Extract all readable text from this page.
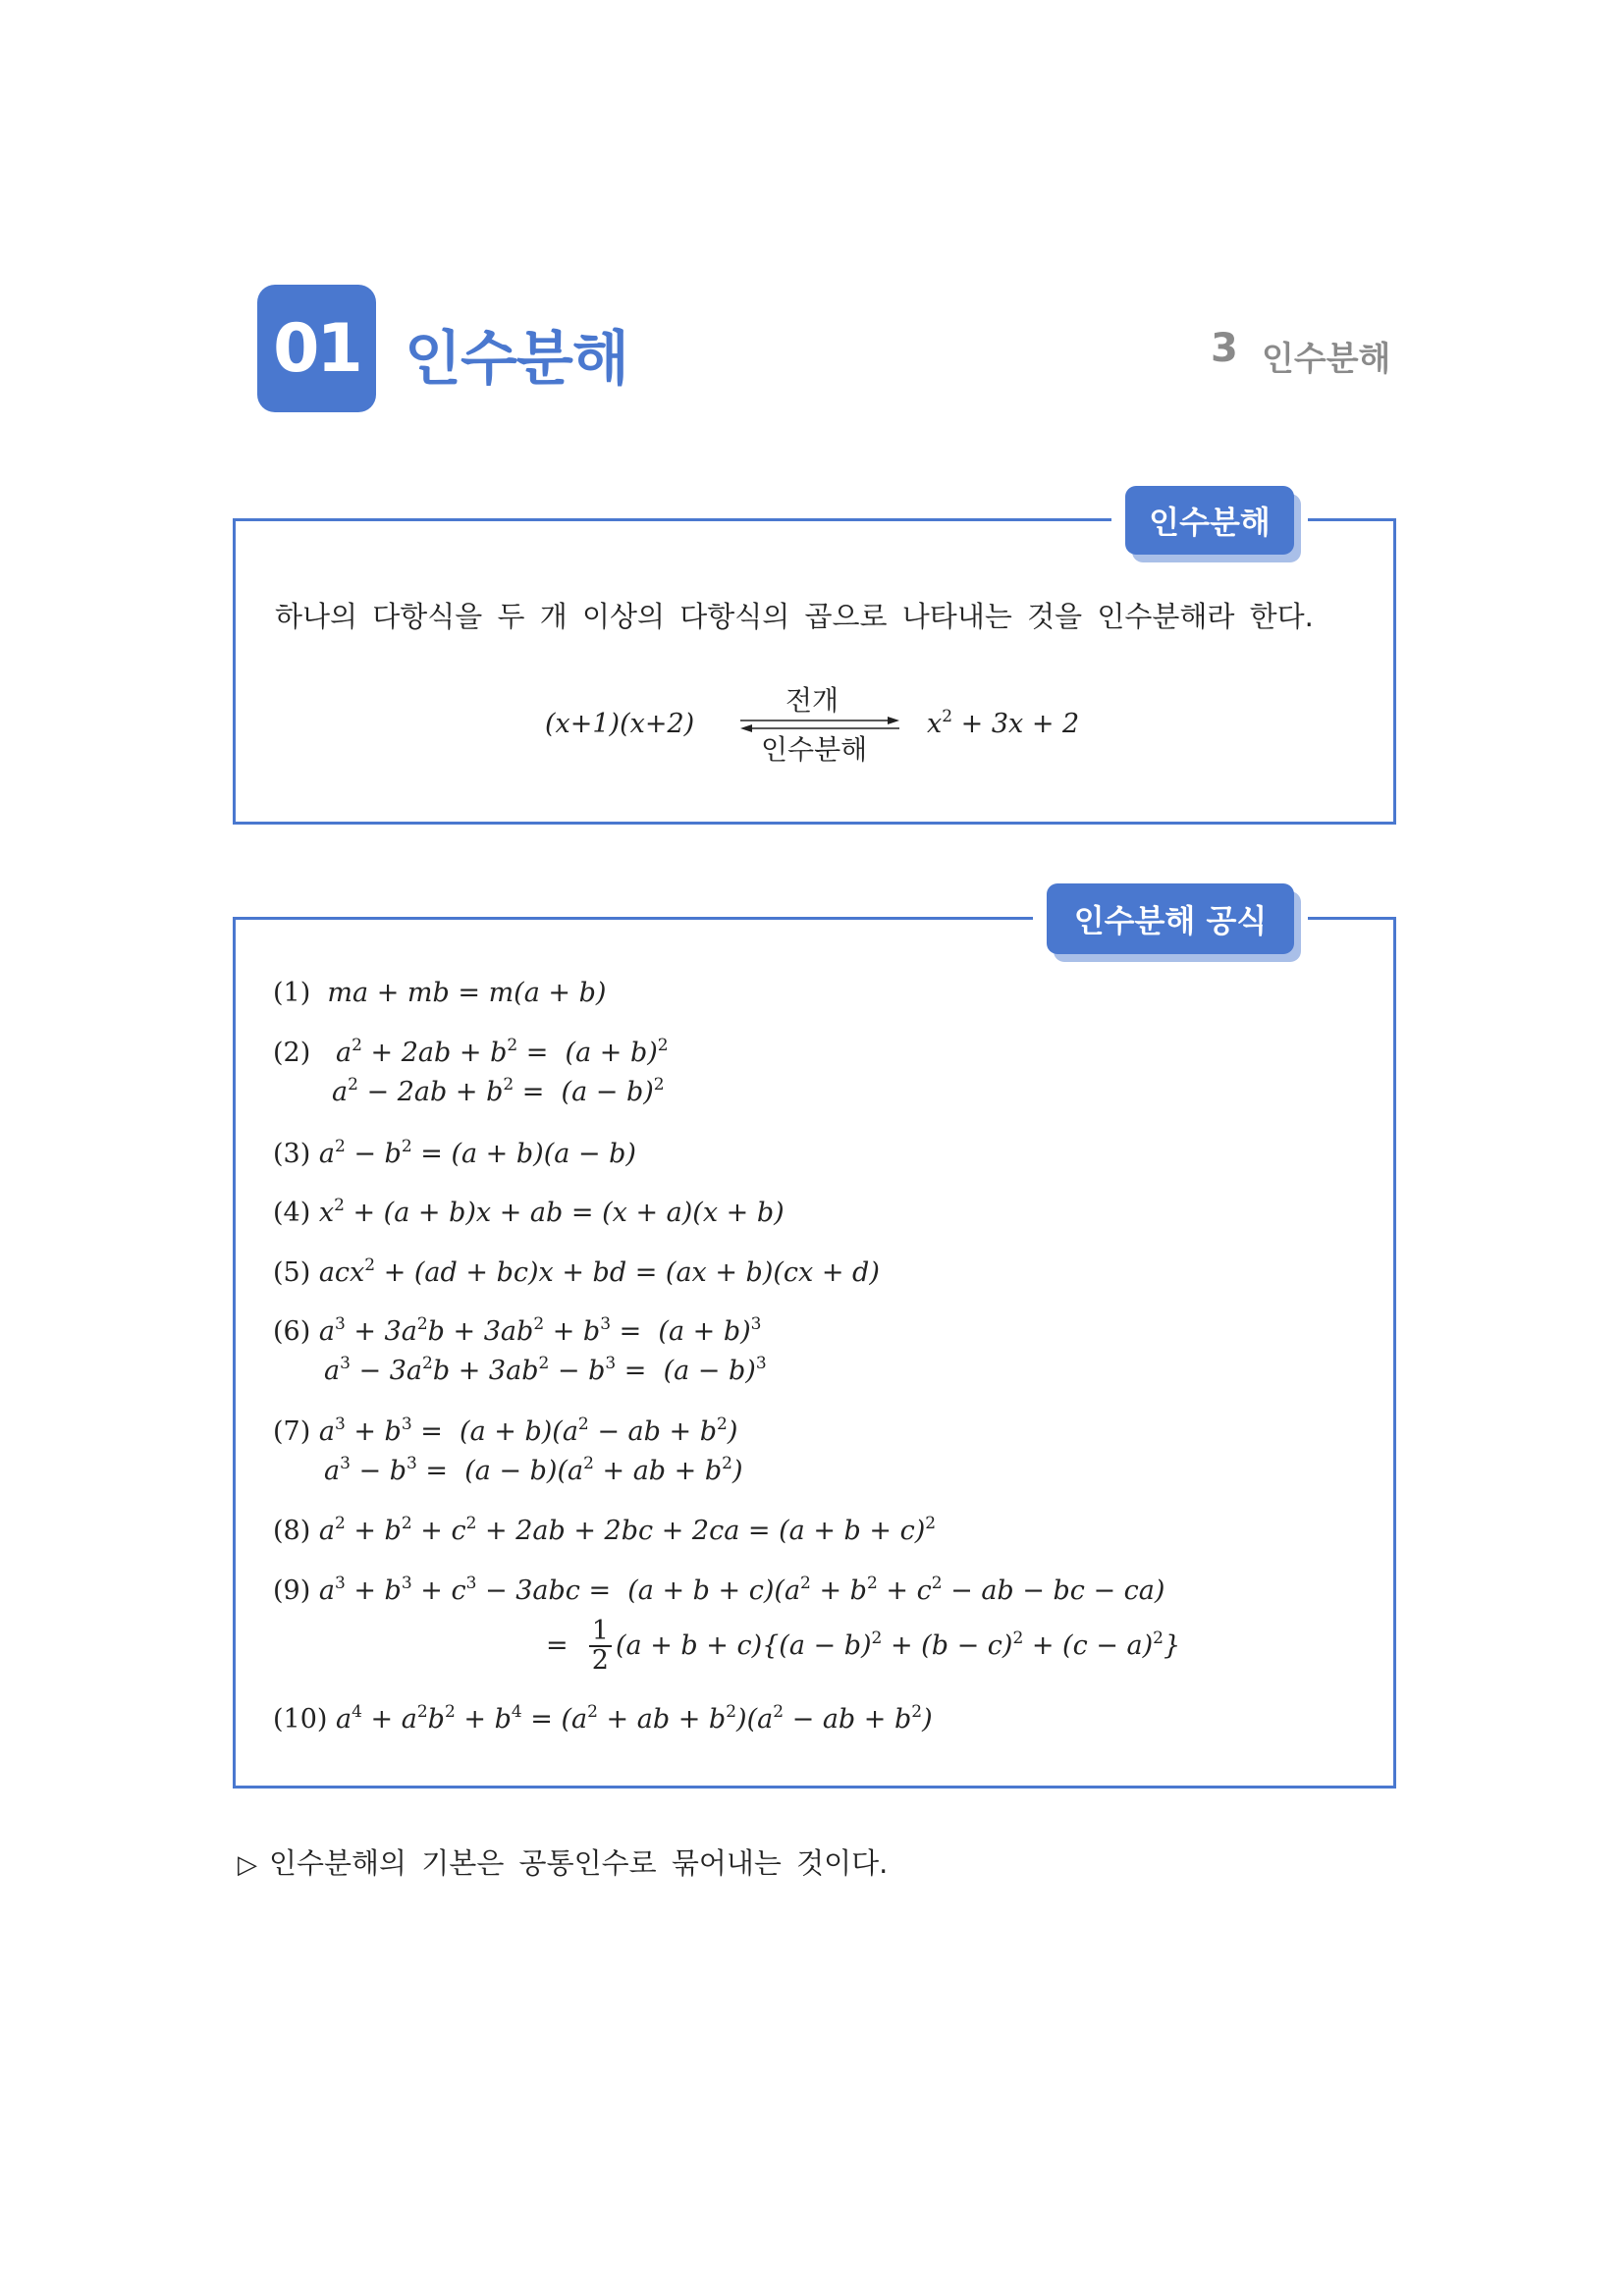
01 인수분해	3 인수분해
인수분해
하나의 다항식을 두 개 이상의 다항식의 곱으로 나타내는 것을 인수분해라 한다.
(x+1)(x+2)
전개
인수분해
$x^2 + 3x + 2$
인수분해 공식
(1)  ma + mb = m(a + b)
(2)   $a^2 + 2ab + b^2 = (a + b)^2$
$a^2 - 2ab + b^2 = (a - b)^2$
(3) $a^2 - b^2 = (a + b)(a - b)$
(4) $x^2 + (a + b)x$ + ab = (x + a)(x + b)
(5) acx$^2$ + (ad + bc)x + bd = (ax + b)(cx + d)
(6) $a^3 + 3a^2b + 3ab^2 + b^3 = (a + b)^3$
$a^3 - 3a^2b + 3ab^2 - b^3 = (a - b)^3$
(7) $a^3 + b^3 = (a + b)(a^2$ − ab + $b^2$)
$a^3 - b^3 = (a - b)(a^2$ + ab + $b^2$)
(8) $a^2 + b^2 + c^2 + 2ab + 2bc + 2ca = (a + b + c)^2$
(9) $a^3 + b^3 + c^3 - 3abc = (a + b + c)(a^2 + b^2 + c^2$ − ab − bc − ca)
= $\frac{1}{2} (a + b + c)\{(a - b)^2 + (b - c)^2 + (c - a)^2\}$
(10) $a^4 + a^2b^2 + b^4 = (a^2$ + ab + $b^2)(a^2$ − ab + $b^2$)
▷ 인수분해의 기본은 공통인수로 묶어내는 것이다.
